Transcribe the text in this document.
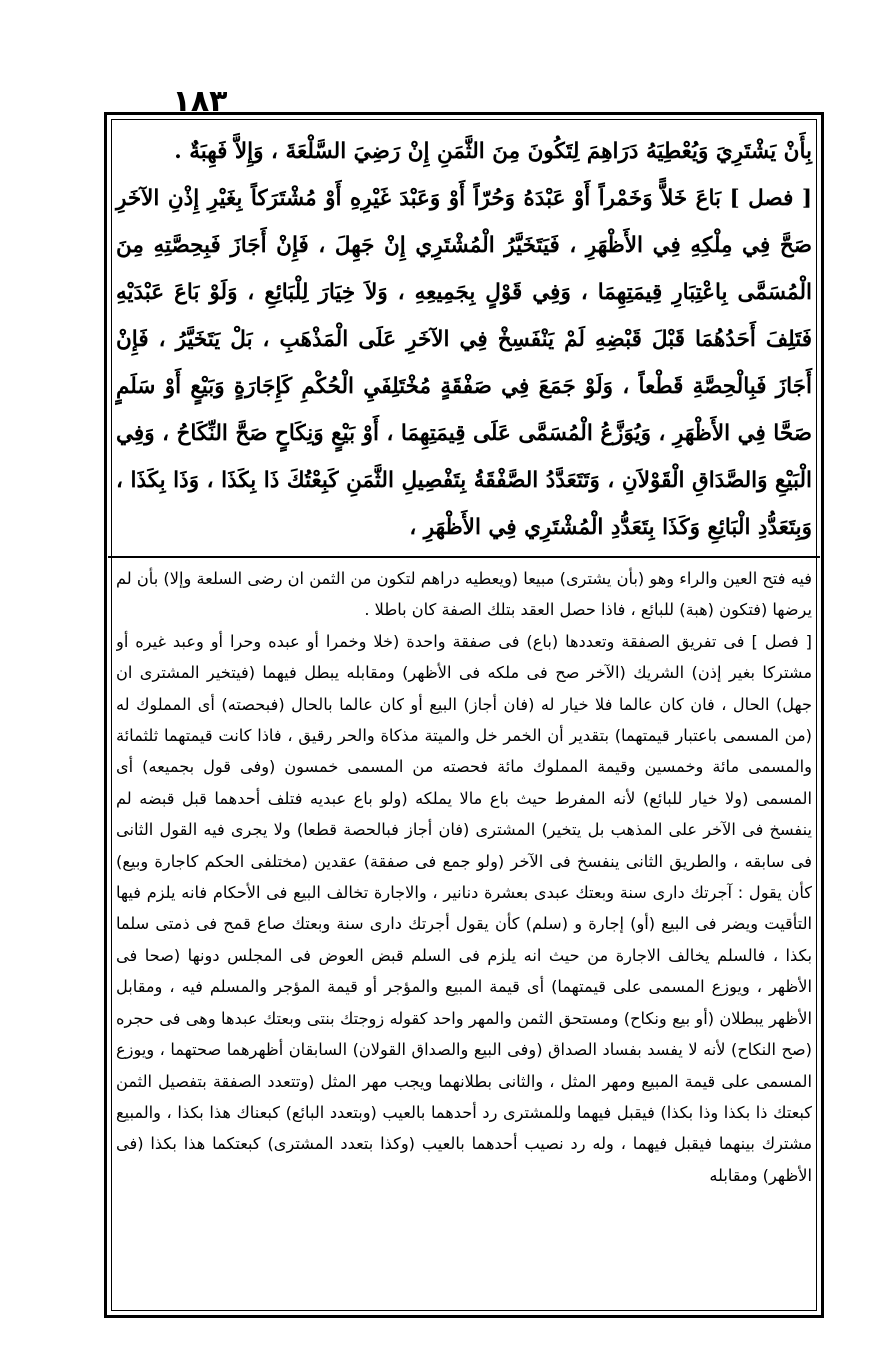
١٨٣

بِأَنْ يَشْتَرِيَ وَيُعْطِيَهُ دَرَاهِمَ لِتَكُونَ مِنَ الثَّمَنِ إِنْ رَضِيَ السَّلْعَةَ ، وَإِلاَّ فَهِبَةٌ .

[ فصل ] بَاعَ خَلاًّ وَخَمْراً أَوْ عَبْدَهُ وَحُرّاً أَوْ وَعَبْدَ غَيْرِهِ أَوْ مُشْتَرَكاً بِغَيْرِ إِذْنِ الآخَرِ صَحَّ فِي مِلْكِهِ فِي الأَظْهَرِ ، فَيَتَخَيَّرُ الْمُشْتَرِي إِنْ جَهِلَ ، فَإِنْ أَجَازَ فَبِحِصَّتِهِ مِنَ الْمُسَمَّى بِاعْتِبَارِ قِيمَتِهِمَا ، وَفِي قَوْلٍ بِجَمِيعِهِ ، وَلاَ خِيَارَ لِلْبَائِعِ ، وَلَوْ بَاعَ عَبْدَيْهِ فَتَلِفَ أَحَدُهُمَا قَبْلَ قَبْضِهِ لَمْ يَنْفَسِخْ فِي الآخَرِ عَلَى الْمَذْهَبِ ، بَلْ يَتَخَيَّرُ ، فَإِنْ أَجَازَ فَبِالْحِصَّةِ قَطْعاً ، وَلَوْ جَمَعَ فِي صَفْقَةٍ مُخْتَلِفَيِ الْحُكْمِ كَإِجَارَةٍ وَبَيْعٍ أَوْ سَلَمٍ صَحَّا فِي الأَظْهَرِ ، وَيُوَزَّعُ الْمُسَمَّى عَلَى قِيمَتِهِمَا ، أَوْ بَيْعٍ وَنِكَاحٍ صَحَّ النِّكَاحُ ، وَفِي الْبَيْعِ وَالصَّدَاقِ الْقَوْلاَنِ ، وَتَتَعَدَّدُ الصَّفْقَةُ بِتَفْصِيلِ الثَّمَنِ كَبِعْتُكَ ذَا بِكَذَا ، وَذَا بِكَذَا ، وَبِتَعَدُّدِ الْبَائِعِ وَكَذَا بِتَعَدُّدِ الْمُشْتَرِي فِي الأَظْهَرِ ،

فيه فتح العين والراء وهو (بأن يشترى) مبيعا (ويعطيه دراهم لتكون من الثمن ان رضى السلعة وإلا) بأن لم يرضها (فتكون (هبة) للبائع ، فاذا حصل العقد بتلك الصفة كان باطلا .

[ فصل ] فى تفريق الصفقة وتعددها (باع) فى صفقة واحدة (خلا وخمرا أو عبده وحرا أو وعبد غيره أو مشتركا بغير إذن) الشريك (الآخر صح فى ملكه فى الأظهر) ومقابله يبطل فيهما (فيتخير المشترى ان جهل) الحال ، فان كان عالما فلا خيار له (فان أجاز) البيع أو كان عالما بالحال (فبحصته) أى المملوك له (من المسمى باعتبار قيمتهما) بتقدير أن الخمر خل والميتة مذكاة والحر رقيق ، فاذا كانت قيمتهما ثلثمائة والمسمى مائة وخمسين وقيمة المملوك مائة فحصته من المسمى خمسون (وفى قول بجميعه) أى المسمى (ولا خيار للبائع) لأنه المفرط حيث باع مالا يملكه (ولو باع عبديه فتلف أحدهما قبل قبضه لم ينفسخ فى الآخر على المذهب بل يتخير) المشترى (فان أجاز فبالحصة قطعا) ولا يجرى فيه القول الثانى فى سابقه ، والطريق الثانى ينفسخ فى الآخر (ولو جمع فى صفقة) عقدين (مختلفى الحكم كاجارة وبيع) كأن يقول : آجرتك دارى سنة وبعتك عبدى بعشرة دنانير ، والاجارة تخالف البيع فى الأحكام فانه يلزم فيها التأقيت ويضر فى البيع (أو) إجارة و (سلم) كأن يقول أجرتك دارى سنة وبعتك صاع قمح فى ذمتى سلما بكذا ، فالسلم يخالف الاجارة من حيث انه يلزم فى السلم قبض العوض فى المجلس دونها (صحا فى الأظهر ، ويوزع المسمى على قيمتهما) أى قيمة المبيع والمؤجر أو قيمة المؤجر والمسلم فيه ، ومقابل الأظهر يبطلان (أو بيع ونكاح) ومستحق الثمن والمهر واحد كقوله زوجتك بنتى وبعتك عبدها وهى فى حجره (صح النكاح) لأنه لا يفسد بفساد الصداق (وفى البيع والصداق القولان) السابقان أظهرهما صحتهما ، ويوزع المسمى على قيمة المبيع ومهر المثل ، والثانى بطلانهما ويجب مهر المثل (وتتعدد الصفقة بتفصيل الثمن كبعتك ذا بكذا وذا بكذا) فيقبل فيهما وللمشترى رد أحدهما بالعيب (وبتعدد البائع) كبعناك هذا بكذا ، والمبيع مشترك بينهما فيقبل فيهما ، وله رد نصيب أحدهما بالعيب (وكذا بتعدد المشترى) كبعتكما هذا بكذا (فى الأظهر) ومقابله
